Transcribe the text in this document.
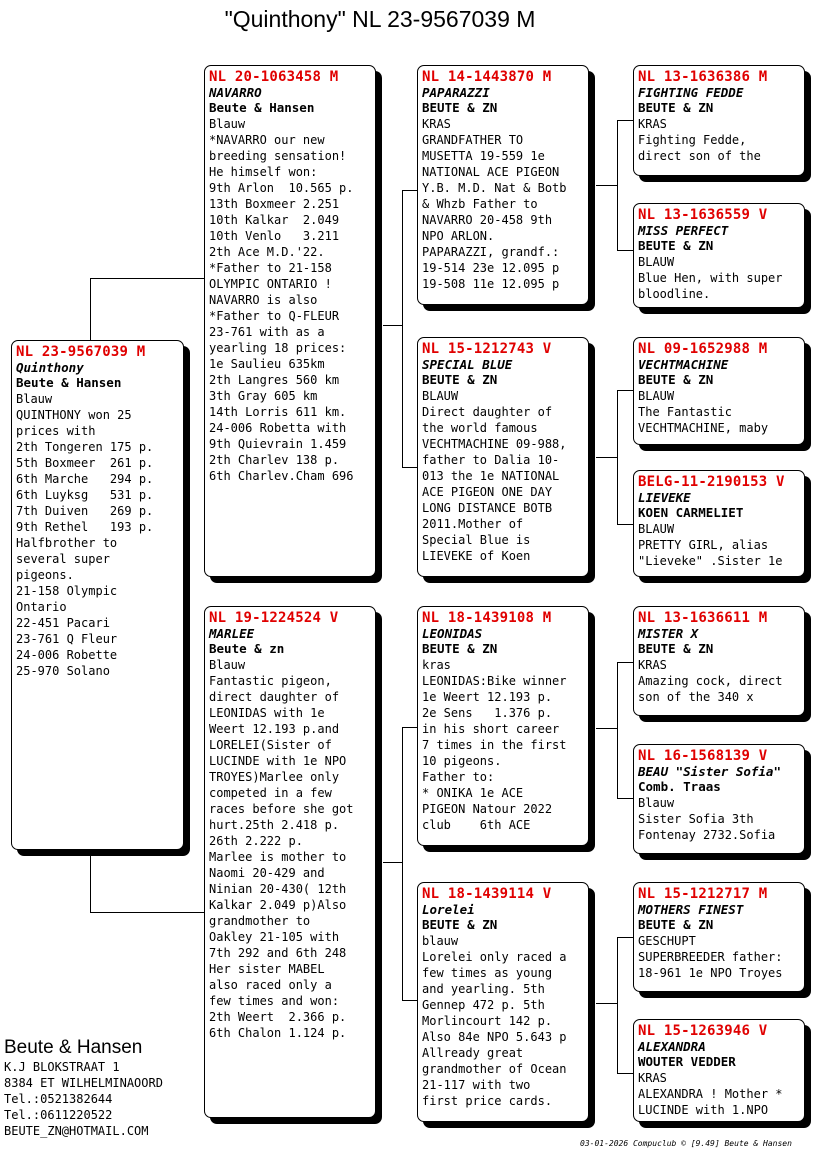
"Quinthony" NL 23-9567039 M
NL 23-9567039 M
Quinthony
Beute & Hansen
Blauw
QUINTHONY won 25
prices with
2th Tongeren 175 p.
5th Boxmeer  261 p.
6th Marche   294 p.
6th Luyksg   531 p.
7th Duiven   269 p.
9th Rethel   193 p.
Halfbrother to
several super
pigeons.
21-158 Olympic
Ontario
22-451 Pacari
23-761 Q Fleur
24-006 Robette
25-970 Solano
NL 20-1063458 M
NAVARRO
Beute & Hansen
Blauw
*NAVARRO our new
breeding sensation!
He himself won:
9th Arlon  10.565 p.
13th Boxmeer 2.251
10th Kalkar  2.049
10th Venlo   3.211
2th Ace M.D.'22.
*Father to 21-158
OLYMPIC ONTARIO !
NAVARRO is also
*Father to Q-FLEUR
23-761 with as a
yearling 18 prices:
1e Saulieu 635km
2th Langres 560 km
3th Gray 605 km
14th Lorris 611 km.
24-006 Robetta with
9th Quievrain 1.459
2th Charlev 138 p.
6th Charlev.Cham 696
NL 19-1224524 V
MARLEE
Beute & zn
Blauw
Fantastic pigeon,
direct daughter of
LEONIDAS with 1e
Weert 12.193 p.and
LORELEI(Sister of
LUCINDE with 1e NPO
TROYES)Marlee only
competed in a few
races before she got
hurt.25th 2.418 p.
26th 2.222 p.
Marlee is mother to
Naomi 20-429 and
Ninian 20-430( 12th
Kalkar 2.049 p)Also
grandmother to
Oakley 21-105 with
7th 292 and 6th 248
Her sister MABEL
also raced only a
few times and won:
2th Weert  2.366 p.
6th Chalon 1.124 p.
NL 14-1443870 M
PAPARAZZI
BEUTE & ZN
KRAS
GRANDFATHER TO
MUSETTA 19-559 1e
NATIONAL ACE PIGEON
Y.B. M.D. Nat & Botb
& Whzb Father to
NAVARRO 20-458 9th
NPO ARLON.
PAPARAZZI, grandf.:
19-514 23e 12.095 p
19-508 11e 12.095 p
NL 15-1212743 V
SPECIAL BLUE
BEUTE & ZN
BLAUW
Direct daughter of
the world famous
VECHTMACHINE 09-988,
father to Dalia 10-
013 the 1e NATIONAL
ACE PIGEON ONE DAY
LONG DISTANCE BOTB
2011.Mother of
Special Blue is
LIEVEKE of Koen
NL 18-1439108 M
LEONIDAS
BEUTE & ZN
kras
LEONIDAS:Bike winner
1e Weert 12.193 p.
2e Sens   1.376 p.
in his short career
7 times in the first
10 pigeons.
Father to:
* ONIKA 1e ACE
PIGEON Natour 2022
club    6th ACE
NL 18-1439114 V
Lorelei
BEUTE & ZN
blauw
Lorelei only raced a
few times as young
and yearling. 5th
Gennep 472 p. 5th
Morlincourt 142 p.
Also 84e NPO 5.643 p
Allready great
grandmother of Ocean
21-117 with two
first price cards.
NL 13-1636386 M
FIGHTING FEDDE
BEUTE & ZN
KRAS
Fighting Fedde,
direct son of the
NL 13-1636559 V
MISS PERFECT
BEUTE & ZN
BLAUW
Blue Hen, with super
bloodline.
NL 09-1652988 M
VECHTMACHINE
BEUTE & ZN
BLAUW
The Fantastic
VECHTMACHINE, maby
BELG-11-2190153 V
LIEVEKE
KOEN CARMELIET
BLAUW
PRETTY GIRL, alias
"Lieveke" .Sister 1e
NL 13-1636611 M
MISTER X
BEUTE & ZN
KRAS
Amazing cock, direct
son of the 340 x
NL 16-1568139 V
BEAU "Sister Sofia"
Comb. Traas
Blauw
Sister Sofia 3th
Fontenay 2732.Sofia
NL 15-1212717 M
MOTHERS FINEST
BEUTE & ZN
GESCHUPT
SUPERBREEDER father:
18-961 1e NPO Troyes
NL 15-1263946 V
ALEXANDRA
WOUTER VEDDER
KRAS
ALEXANDRA ! Mother *
LUCINDE with 1.NPO
Beute & Hansen
K.J BLOKSTRAAT 1
8384 ET WILHELMINAOORD
Tel.:0521382644
Tel.:0611220522
BEUTE_ZN@HOTMAIL.COM
03-01-2026 Compuclub © [9.49] Beute & Hansen
